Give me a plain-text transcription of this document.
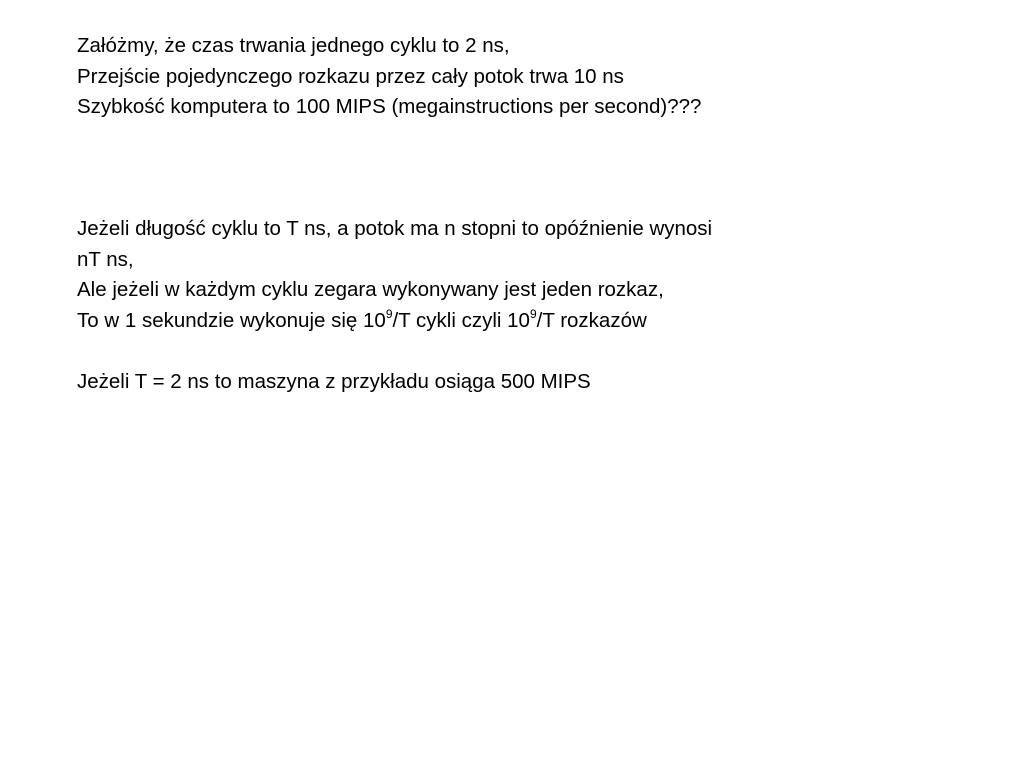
Załóżmy, że czas trwania jednego cyklu to 2 ns,
Przejście pojedynczego rozkazu przez cały potok trwa 10 ns
Szybkość komputera to 100 MIPS (megainstructions per second)???
Jeżeli długość cyklu to T ns, a potok ma n stopni to opóźnienie wynosi
nT ns,
Ale jeżeli w każdym cyklu zegara wykonywany jest jeden rozkaz,
To w 1 sekundzie wykonuje się $10^9/T$ cykli czyli $10^9/T$ rozkazów
Jeżeli T = 2 ns to maszyna z przykładu osiąga 500 MIPS
